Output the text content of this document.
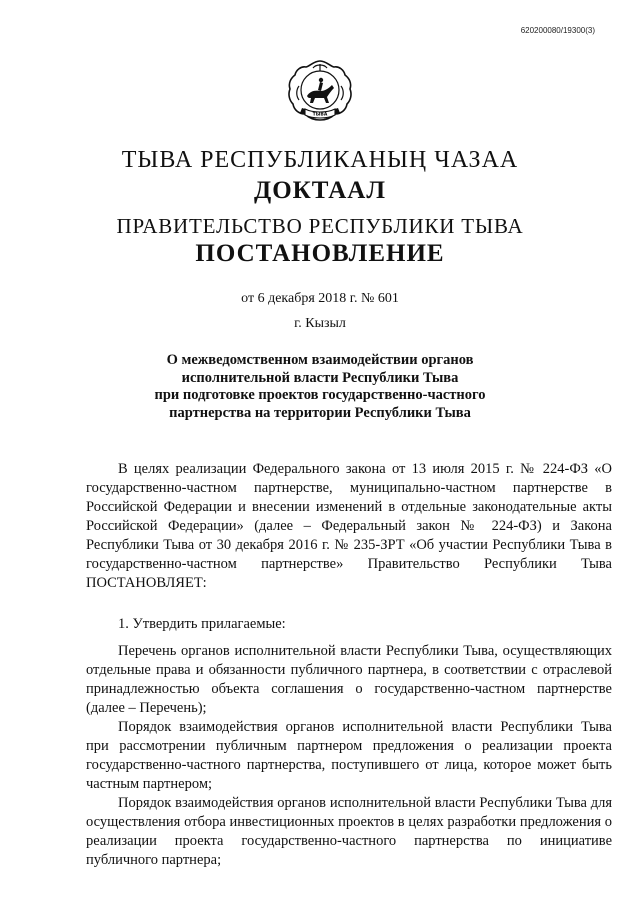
620200080/19300(3)
ТЫВА
ТЫВА РЕСПУБЛИКАНЫҢ ЧАЗАА
ДОКТААЛ
ПРАВИТЕЛЬСТВО РЕСПУБЛИКИ ТЫВА
ПОСТАНОВЛЕНИЕ
от 6 декабря 2018 г. № 601
г. Кызыл
О межведомственном взаимодействии органов
исполнительной власти Республики Тыва
при подготовке проектов государственно-частного
партнерства на территории Республики Тыва

В целях реализации Федерального закона от 13 июля 2015 г. № 224-ФЗ «О государственно-частном партнерстве, муниципально-частном партнерстве в Российской Федерации и внесении изменений в отдельные законодательные акты Российской Федерации» (далее – Федеральный закон № 224-ФЗ) и Закона Республики Тыва от 30 декабря 2016 г. № 235-ЗРТ «Об участии Республики Тыва в государственно-частном партнерстве» Правительство Республики Тыва ПОСТАНОВЛЯЕТ:

1. Утвердить прилагаемые:

Перечень органов исполнительной власти Республики Тыва, осуществляющих отдельные права и обязанности публичного партнера, в соответствии с отраслевой принадлежностью объекта соглашения о государственно-частном партнерстве (далее – Перечень);

Порядок взаимодействия органов исполнительной власти Республики Тыва при рассмотрении публичным партнером предложения о реализации проекта государственно-частного партнерства, поступившего от лица, которое может быть частным партнером;

Порядок взаимодействия органов исполнительной власти Республики Тыва для осуществления отбора инвестиционных проектов в целях разработки предложения о реализации проекта государственно-частного партнерства по инициативе публичного партнера;
